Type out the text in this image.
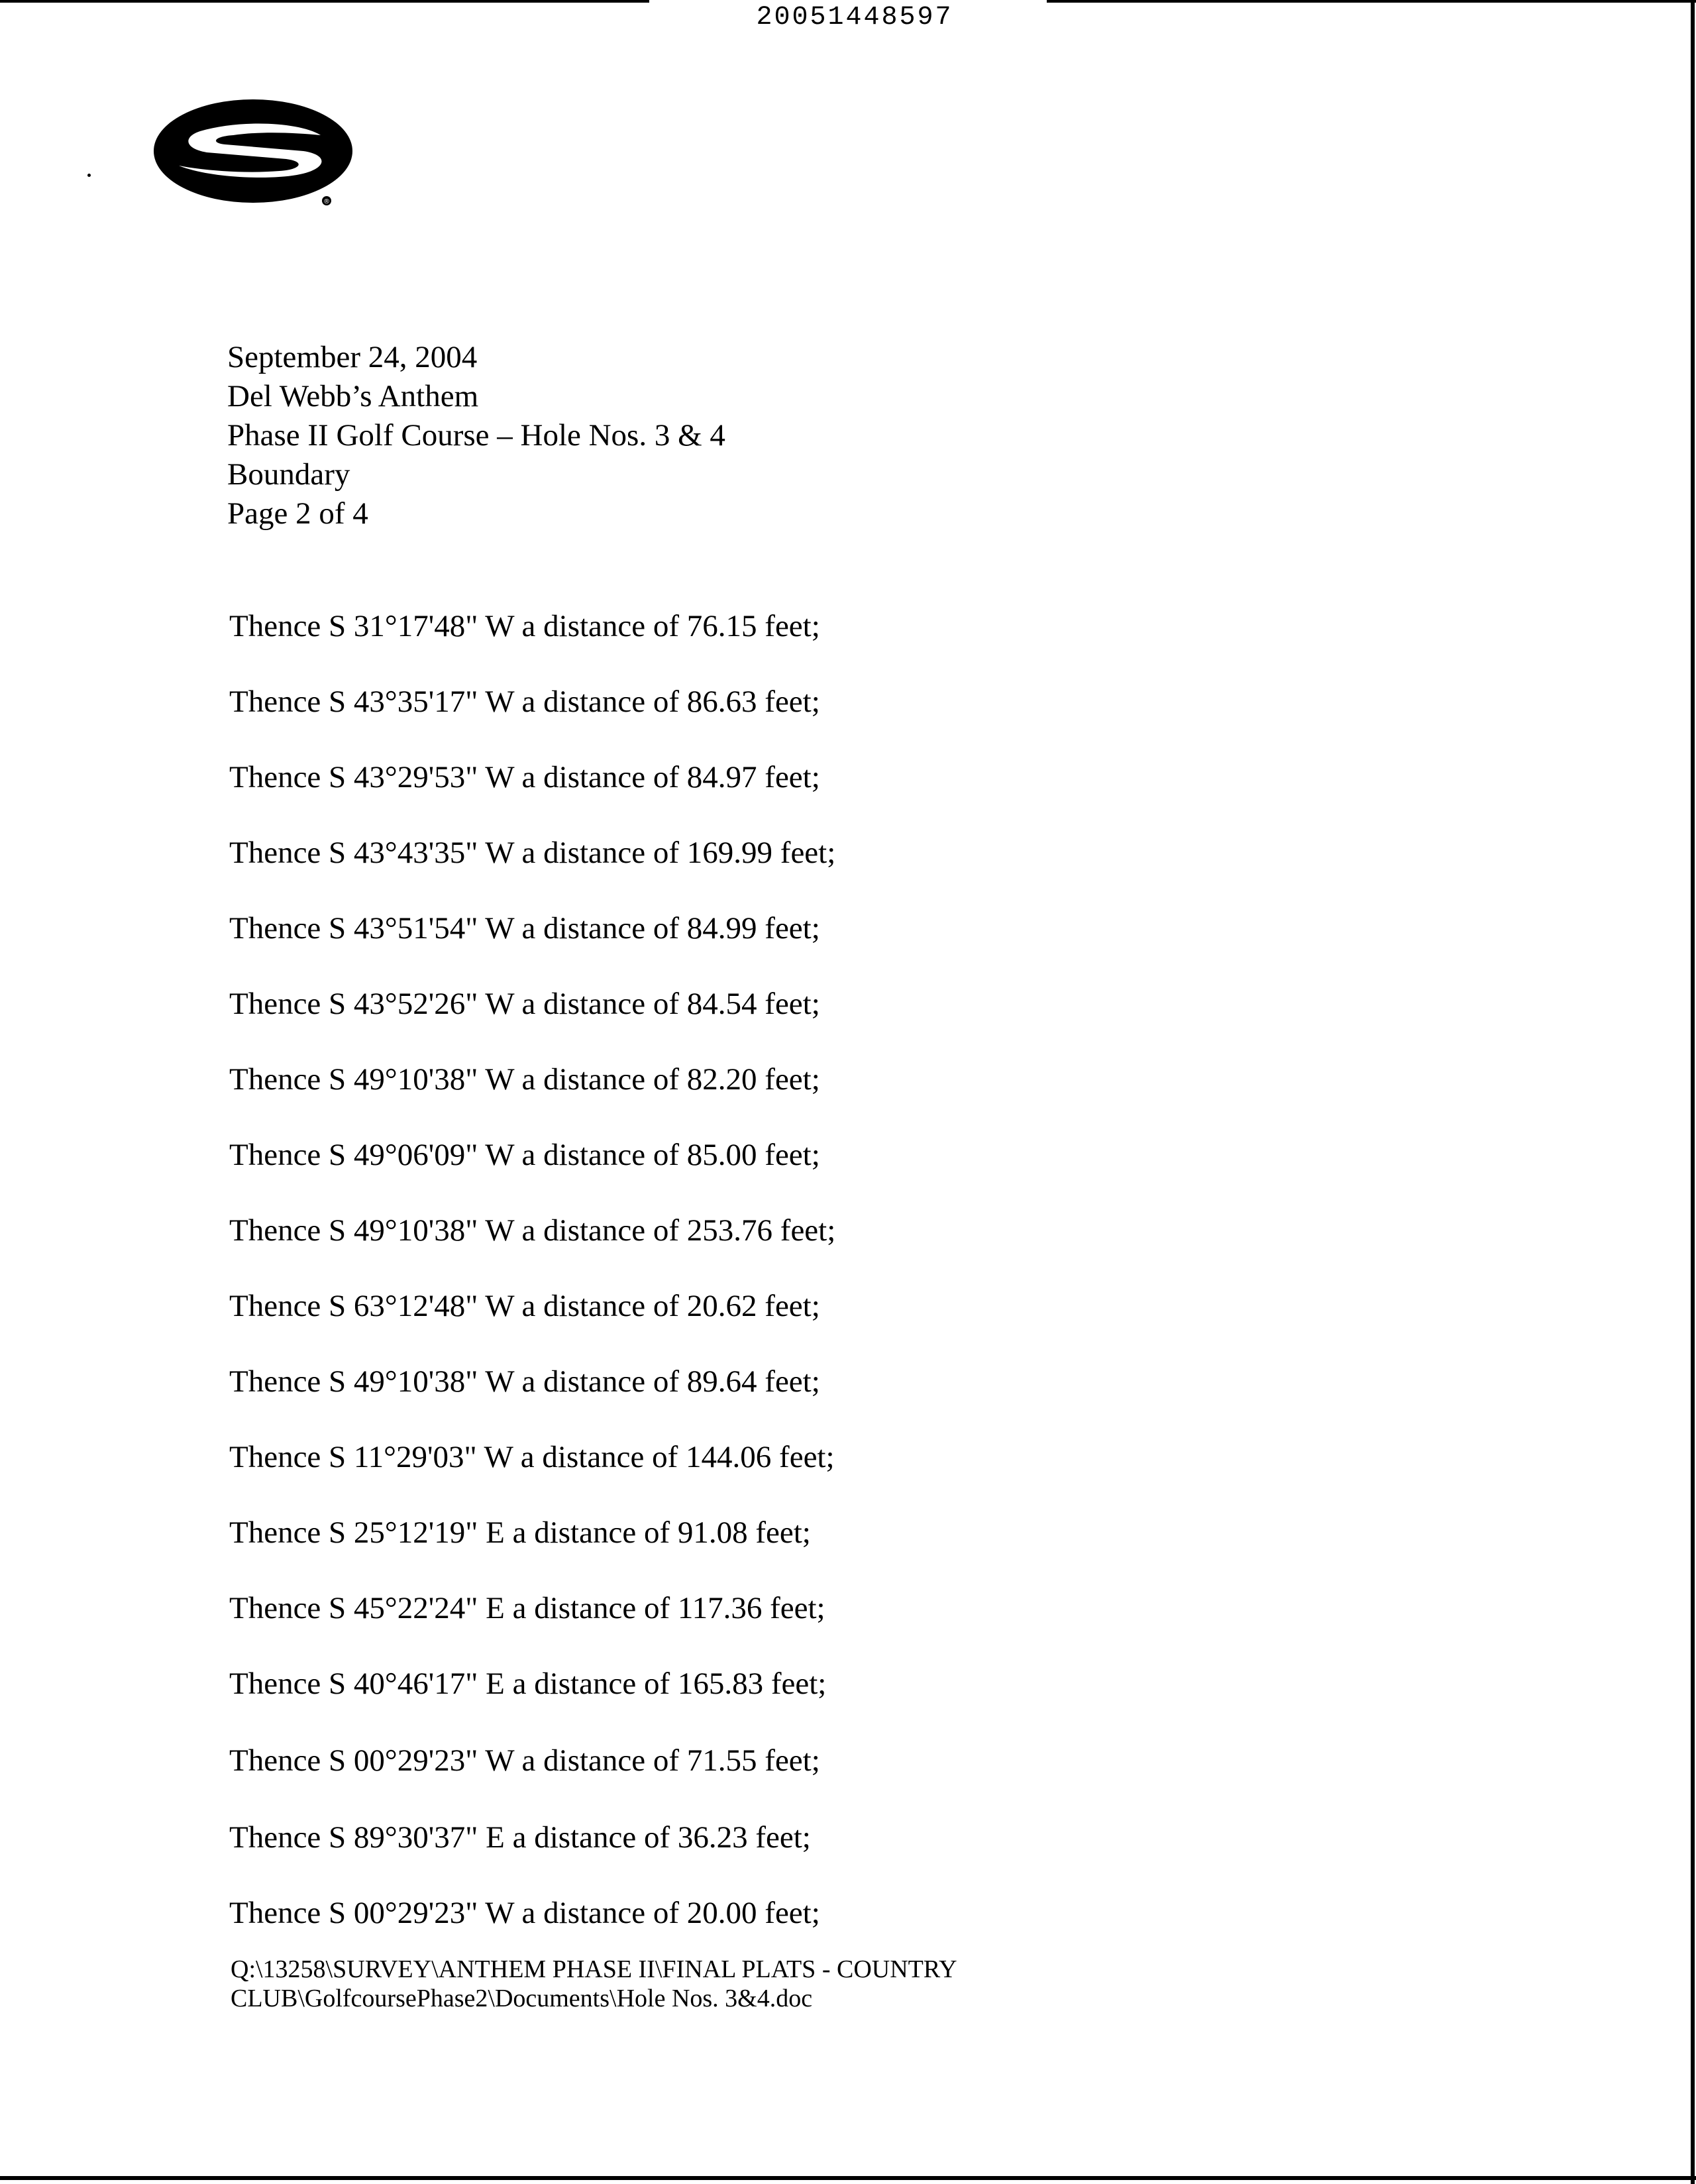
20051448597
®
September 24, 2004
Del Webb’s Anthem
Phase II Golf Course – Hole Nos. 3 & 4
Boundary
Page 2 of 4
Thence S 31°17'48" W a distance of 76.15 feet;
Thence S 43°35'17" W a distance of 86.63 feet;
Thence S 43°29'53" W a distance of 84.97 feet;
Thence S 43°43'35" W a distance of 169.99 feet;
Thence S 43°51'54" W a distance of 84.99 feet;
Thence S 43°52'26" W a distance of 84.54 feet;
Thence S 49°10'38" W a distance of 82.20 feet;
Thence S 49°06'09" W a distance of 85.00 feet;
Thence S 49°10'38" W a distance of 253.76 feet;
Thence S 63°12'48" W a distance of 20.62 feet;
Thence S 49°10'38" W a distance of 89.64 feet;
Thence S 11°29'03" W a distance of 144.06 feet;
Thence S 25°12'19" E a distance of 91.08 feet;
Thence S 45°22'24" E a distance of 117.36 feet;
Thence S 40°46'17" E a distance of 165.83 feet;
Thence S 00°29'23" W a distance of 71.55 feet;
Thence S 89°30'37" E a distance of 36.23 feet;
Thence S 00°29'23" W a distance of 20.00 feet;
Q:\13258\SURVEY\ANTHEM PHASE II\FINAL PLATS - COUNTRY
CLUB\GolfcoursePhase2\Documents\Hole Nos. 3&4.doc
